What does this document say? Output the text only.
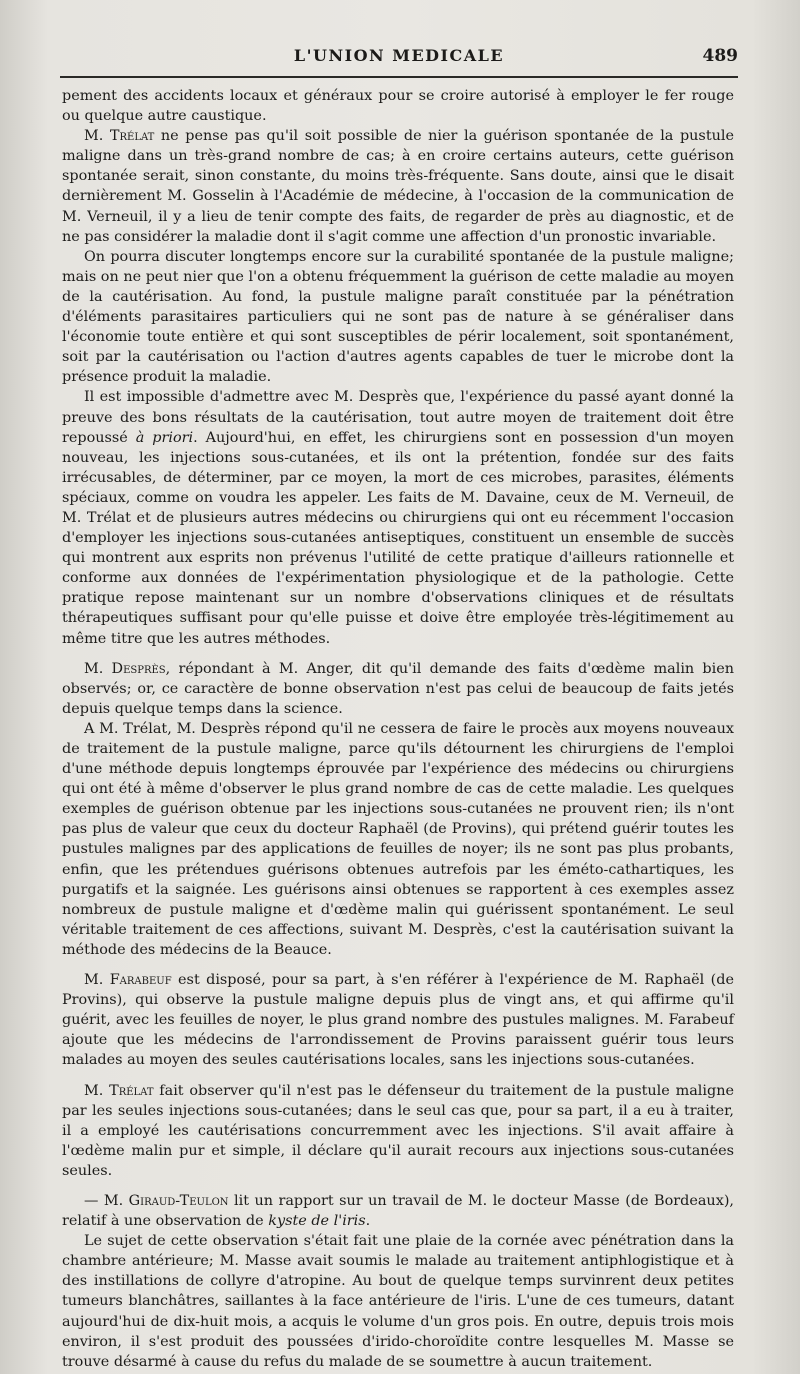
L'UNION MEDICALE	489

pement des accidents locaux et généraux pour se croire autorisé à employer le fer rouge ou quelque autre caustique.

M. Trélat ne pense pas qu'il soit possible de nier la guérison spontanée de la pustule maligne dans un très-grand nombre de cas; à en croire certains auteurs, cette guérison spontanée serait, sinon constante, du moins très-fréquente. Sans doute, ainsi que le disait dernièrement M. Gosselin à l'Académie de médecine, à l'occasion de la communication de M. Verneuil, il y a lieu de tenir compte des faits, de regarder de près au diagnostic, et de ne pas considérer la maladie dont il s'agit comme une affection d'un pronostic invariable.

On pourra discuter longtemps encore sur la curabilité spontanée de la pustule maligne; mais on ne peut nier que l'on a obtenu fréquemment la guérison de cette maladie au moyen de la cautérisation. Au fond, la pustule maligne paraît constituée par la pénétration d'éléments parasitaires particuliers qui ne sont pas de nature à se généraliser dans l'économie toute entière et qui sont susceptibles de périr localement, soit spontanément, soit par la cautérisation ou l'action d'autres agents capables de tuer le microbe dont la présence produit la maladie.

Il est impossible d'admettre avec M. Desprès que, l'expérience du passé ayant donné la preuve des bons résultats de la cautérisation, tout autre moyen de traitement doit être repoussé à priori. Aujourd'hui, en effet, les chirurgiens sont en possession d'un moyen nouveau, les injections sous-cutanées, et ils ont la prétention, fondée sur des faits irrécusables, de déterminer, par ce moyen, la mort de ces microbes, parasites, éléments spéciaux, comme on voudra les appeler. Les faits de M. Davaine, ceux de M. Verneuil, de M. Trélat et de plusieurs autres médecins ou chirurgiens qui ont eu récemment l'occasion d'employer les injections sous-cutanées antiseptiques, constituent un ensemble de succès qui montrent aux esprits non prévenus l'utilité de cette pratique d'ailleurs rationnelle et conforme aux données de l'expérimentation physiologique et de la pathologie. Cette pratique repose maintenant sur un nombre d'observations cliniques et de résultats thérapeutiques suffisant pour qu'elle puisse et doive être employée très-légitimement au même titre que les autres méthodes.

M. Desprès, répondant à M. Anger, dit qu'il demande des faits d'œdème malin bien observés; or, ce caractère de bonne observation n'est pas celui de beaucoup de faits jetés depuis quelque temps dans la science.

A M. Trélat, M. Desprès répond qu'il ne cessera de faire le procès aux moyens nouveaux de traitement de la pustule maligne, parce qu'ils détournent les chirurgiens de l'emploi d'une méthode depuis longtemps éprouvée par l'expérience des médecins ou chirurgiens qui ont été à même d'observer le plus grand nombre de cas de cette maladie. Les quelques exemples de guérison obtenue par les injections sous-cutanées ne prouvent rien; ils n'ont pas plus de valeur que ceux du docteur Raphaël (de Provins), qui prétend guérir toutes les pustules malignes par des applications de feuilles de noyer; ils ne sont pas plus probants, enfin, que les prétendues guérisons obtenues autrefois par les éméto-cathartiques, les purgatifs et la saignée. Les guérisons ainsi obtenues se rapportent à ces exemples assez nombreux de pustule maligne et d'œdème malin qui guérissent spontanément. Le seul véritable traitement de ces affections, suivant M. Desprès, c'est la cautérisation suivant la méthode des médecins de la Beauce.

M. Farabeuf est disposé, pour sa part, à s'en référer à l'expérience de M. Raphaël (de Provins), qui observe la pustule maligne depuis plus de vingt ans, et qui affirme qu'il guérit, avec les feuilles de noyer, le plus grand nombre des pustules malignes. M. Farabeuf ajoute que les médecins de l'arrondissement de Provins paraissent guérir tous leurs malades au moyen des seules cautérisations locales, sans les injections sous-cutanées.

M. Trélat fait observer qu'il n'est pas le défenseur du traitement de la pustule maligne par les seules injections sous-cutanées; dans le seul cas que, pour sa part, il a eu à traiter, il a employé les cautérisations concurremment avec les injections. S'il avait affaire à l'œdème malin pur et simple, il déclare qu'il aurait recours aux injections sous-cutanées seules.

— M. Giraud-Teulon lit un rapport sur un travail de M. le docteur Masse (de Bordeaux), relatif à une observation de kyste de l'iris.

Le sujet de cette observation s'était fait une plaie de la cornée avec pénétration dans la chambre antérieure; M. Masse avait soumis le malade au traitement antiphlogistique et à des instillations de collyre d'atropine. Au bout de quelque temps survinrent deux petites tumeurs blanchâtres, saillantes à la face antérieure de l'iris. L'une de ces tumeurs, datant aujourd'hui de dix-huit mois, a acquis le volume d'un gros pois. En outre, depuis trois mois environ, il s'est produit des poussées d'irido-choroïdite contre lesquelles M. Masse se trouve désarmé à cause du refus du malade de se soumettre à aucun traitement.
